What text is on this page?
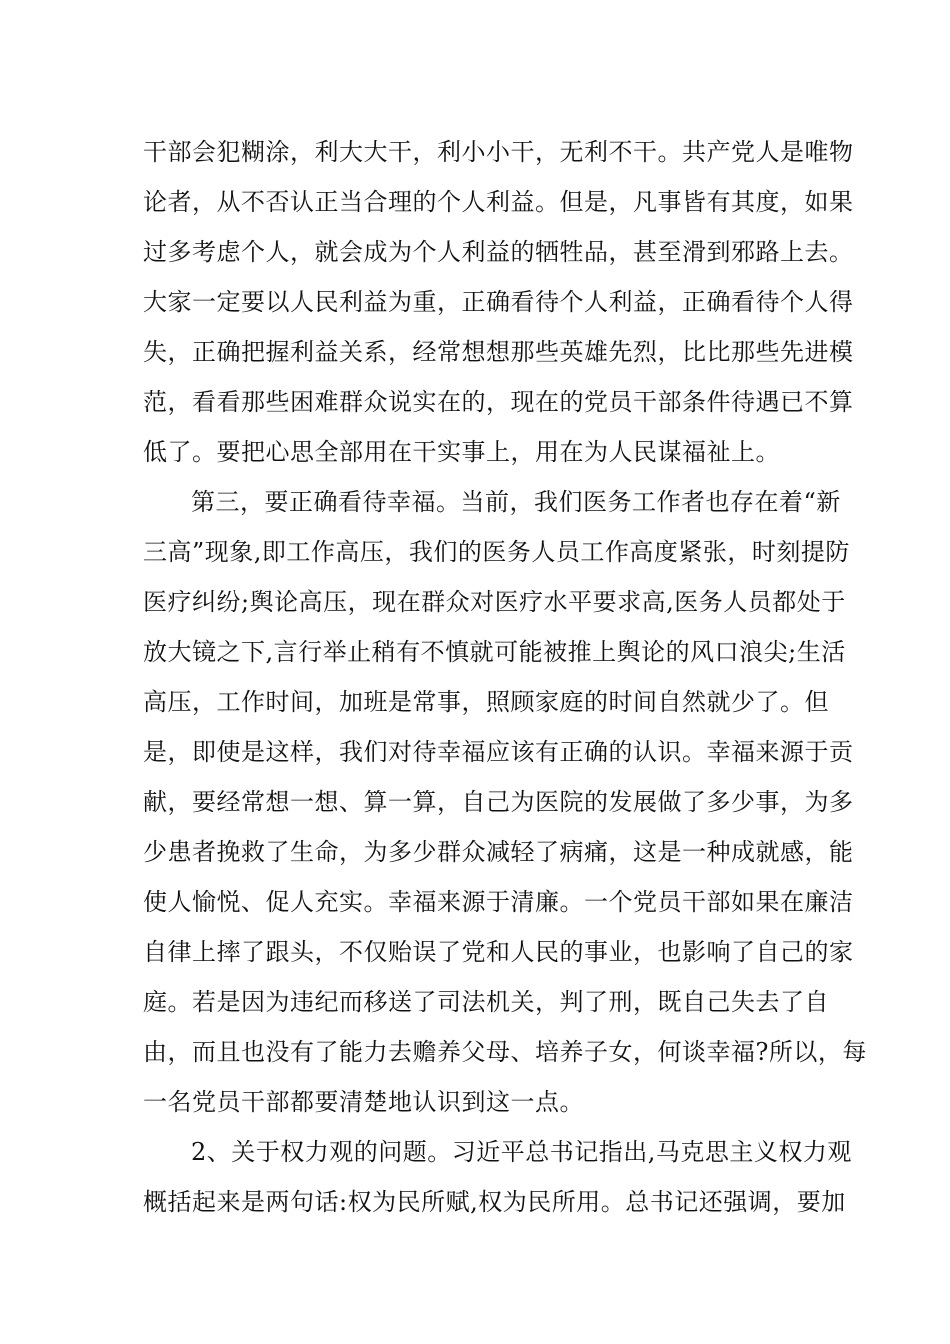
干部会犯糊涂，利大大干，利小小干，无利不干。共产党人是唯物
论者，从不否认正当合理的个人利益。但是，凡事皆有其度，如果
过多考虑个人，就会成为个人利益的牺牲品，甚至滑到邪路上去。
大家一定要以人民利益为重，正确看待个人利益，正确看待个人得
失，正确把握利益关系，经常想想那些英雄先烈，比比那些先进模
范，看看那些困难群众说实在的，现在的党员干部条件待遇已不算
低了。要把心思全部用在干实事上，用在为人民谋福祉上。
第三，要正确看待幸福。当前，我们医务工作者也存在着“新
三高”现象,即工作高压，我们的医务人员工作高度紧张，时刻提防
医疗纠纷;舆论高压，现在群众对医疗水平要求高,医务人员都处于
放大镜之下,言行举止稍有不慎就可能被推上舆论的风口浪尖;生活
高压，工作时间，加班是常事，照顾家庭的时间自然就少了。但
是，即使是这样，我们对待幸福应该有正确的认识。幸福来源于贡
献，要经常想一想、算一算，自己为医院的发展做了多少事，为多
少患者挽救了生命，为多少群众减轻了病痛，这是一种成就感，能
使人愉悦、促人充实。幸福来源于清廉。一个党员干部如果在廉洁
自律上摔了跟头，不仅贻误了党和人民的事业，也影响了自己的家
庭。若是因为违纪而移送了司法机关，判了刑，既自己失去了自
由，而且也没有了能力去赡养父母、培养子女，何谈幸福?所以，每
一名党员干部都要清楚地认识到这一点。
2、关于权力观的问题。习近平总书记指出,马克思主义权力观
概括起来是两句话:权为民所赋,权为民所用。总书记还强调，要加
